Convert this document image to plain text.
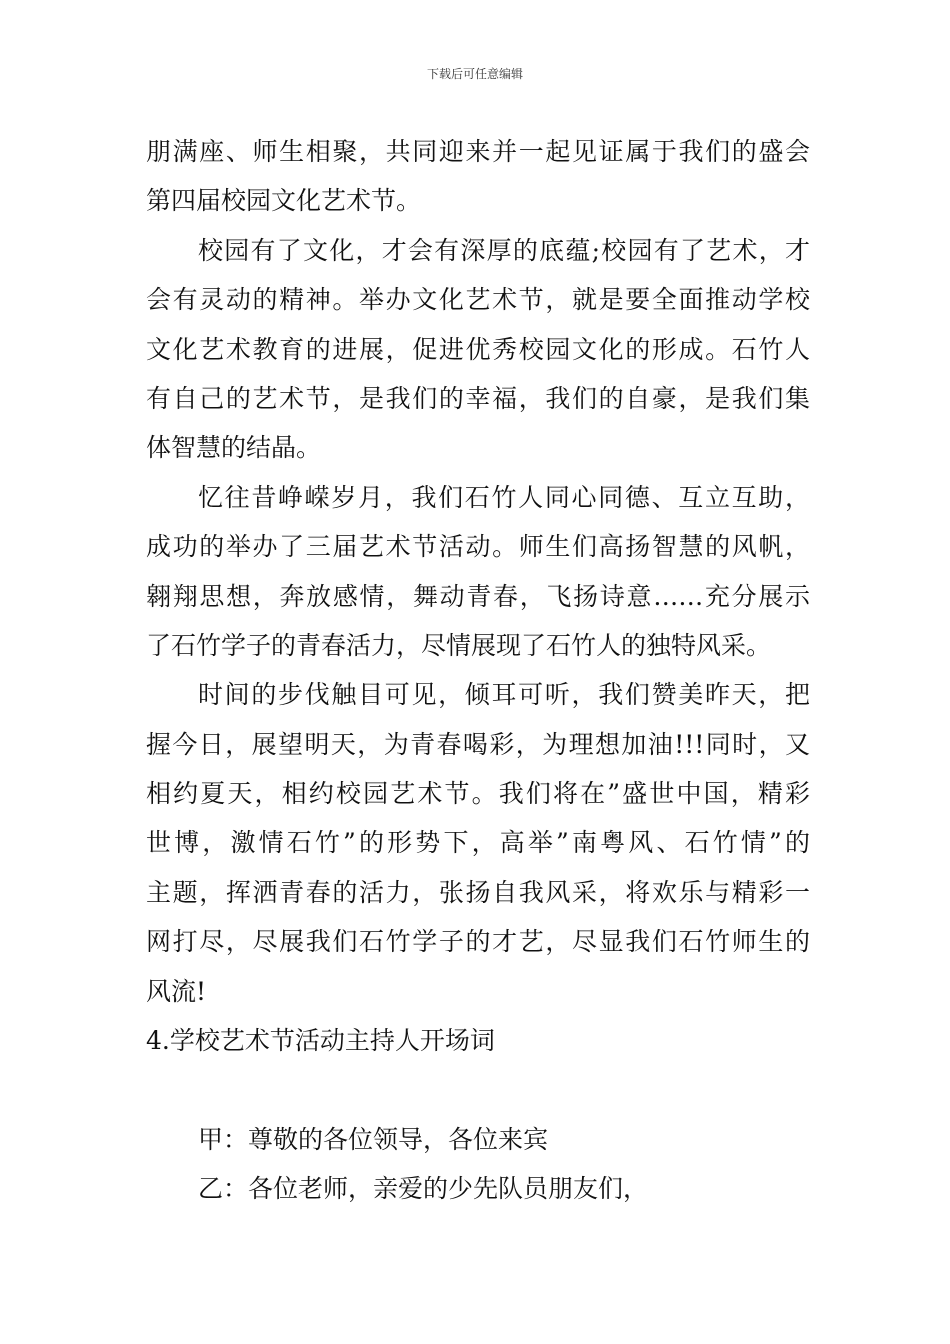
下载后可任意编辑
朋满座、师生相聚，共同迎来并一起见证属于我们的盛会
第四届校园文化艺术节。
校园有了文化，才会有深厚的底蕴;校园有了艺术，才
会有灵动的精神。举办文化艺术节，就是要全面推动学校
文化艺术教育的进展，促进优秀校园文化的形成。石竹人
有自己的艺术节，是我们的幸福，我们的自豪，是我们集
体智慧的结晶。
忆往昔峥嵘岁月，我们石竹人同心同德、互立互助，
成功的举办了三届艺术节活动。师生们高扬智慧的风帆，
翱翔思想，奔放感情，舞动青春，飞扬诗意……充分展示
了石竹学子的青春活力，尽情展现了石竹人的独特风采。
时间的步伐触目可见，倾耳可听，我们赞美昨天，把
握今日，展望明天，为青春喝彩，为理想加油!!!同时，又
相约夏天，相约校园艺术节。我们将在”盛世中国，精彩
世博，激情石竹”的形势下，高举”南粤风、石竹情”的
主题，挥洒青春的活力，张扬自我风采，将欢乐与精彩一
网打尽，尽展我们石竹学子的才艺，尽显我们石竹师生的
风流!
4.学校艺术节活动主持人开场词
甲：尊敬的各位领导，各位来宾
乙：各位老师，亲爱的少先队员朋友们，
